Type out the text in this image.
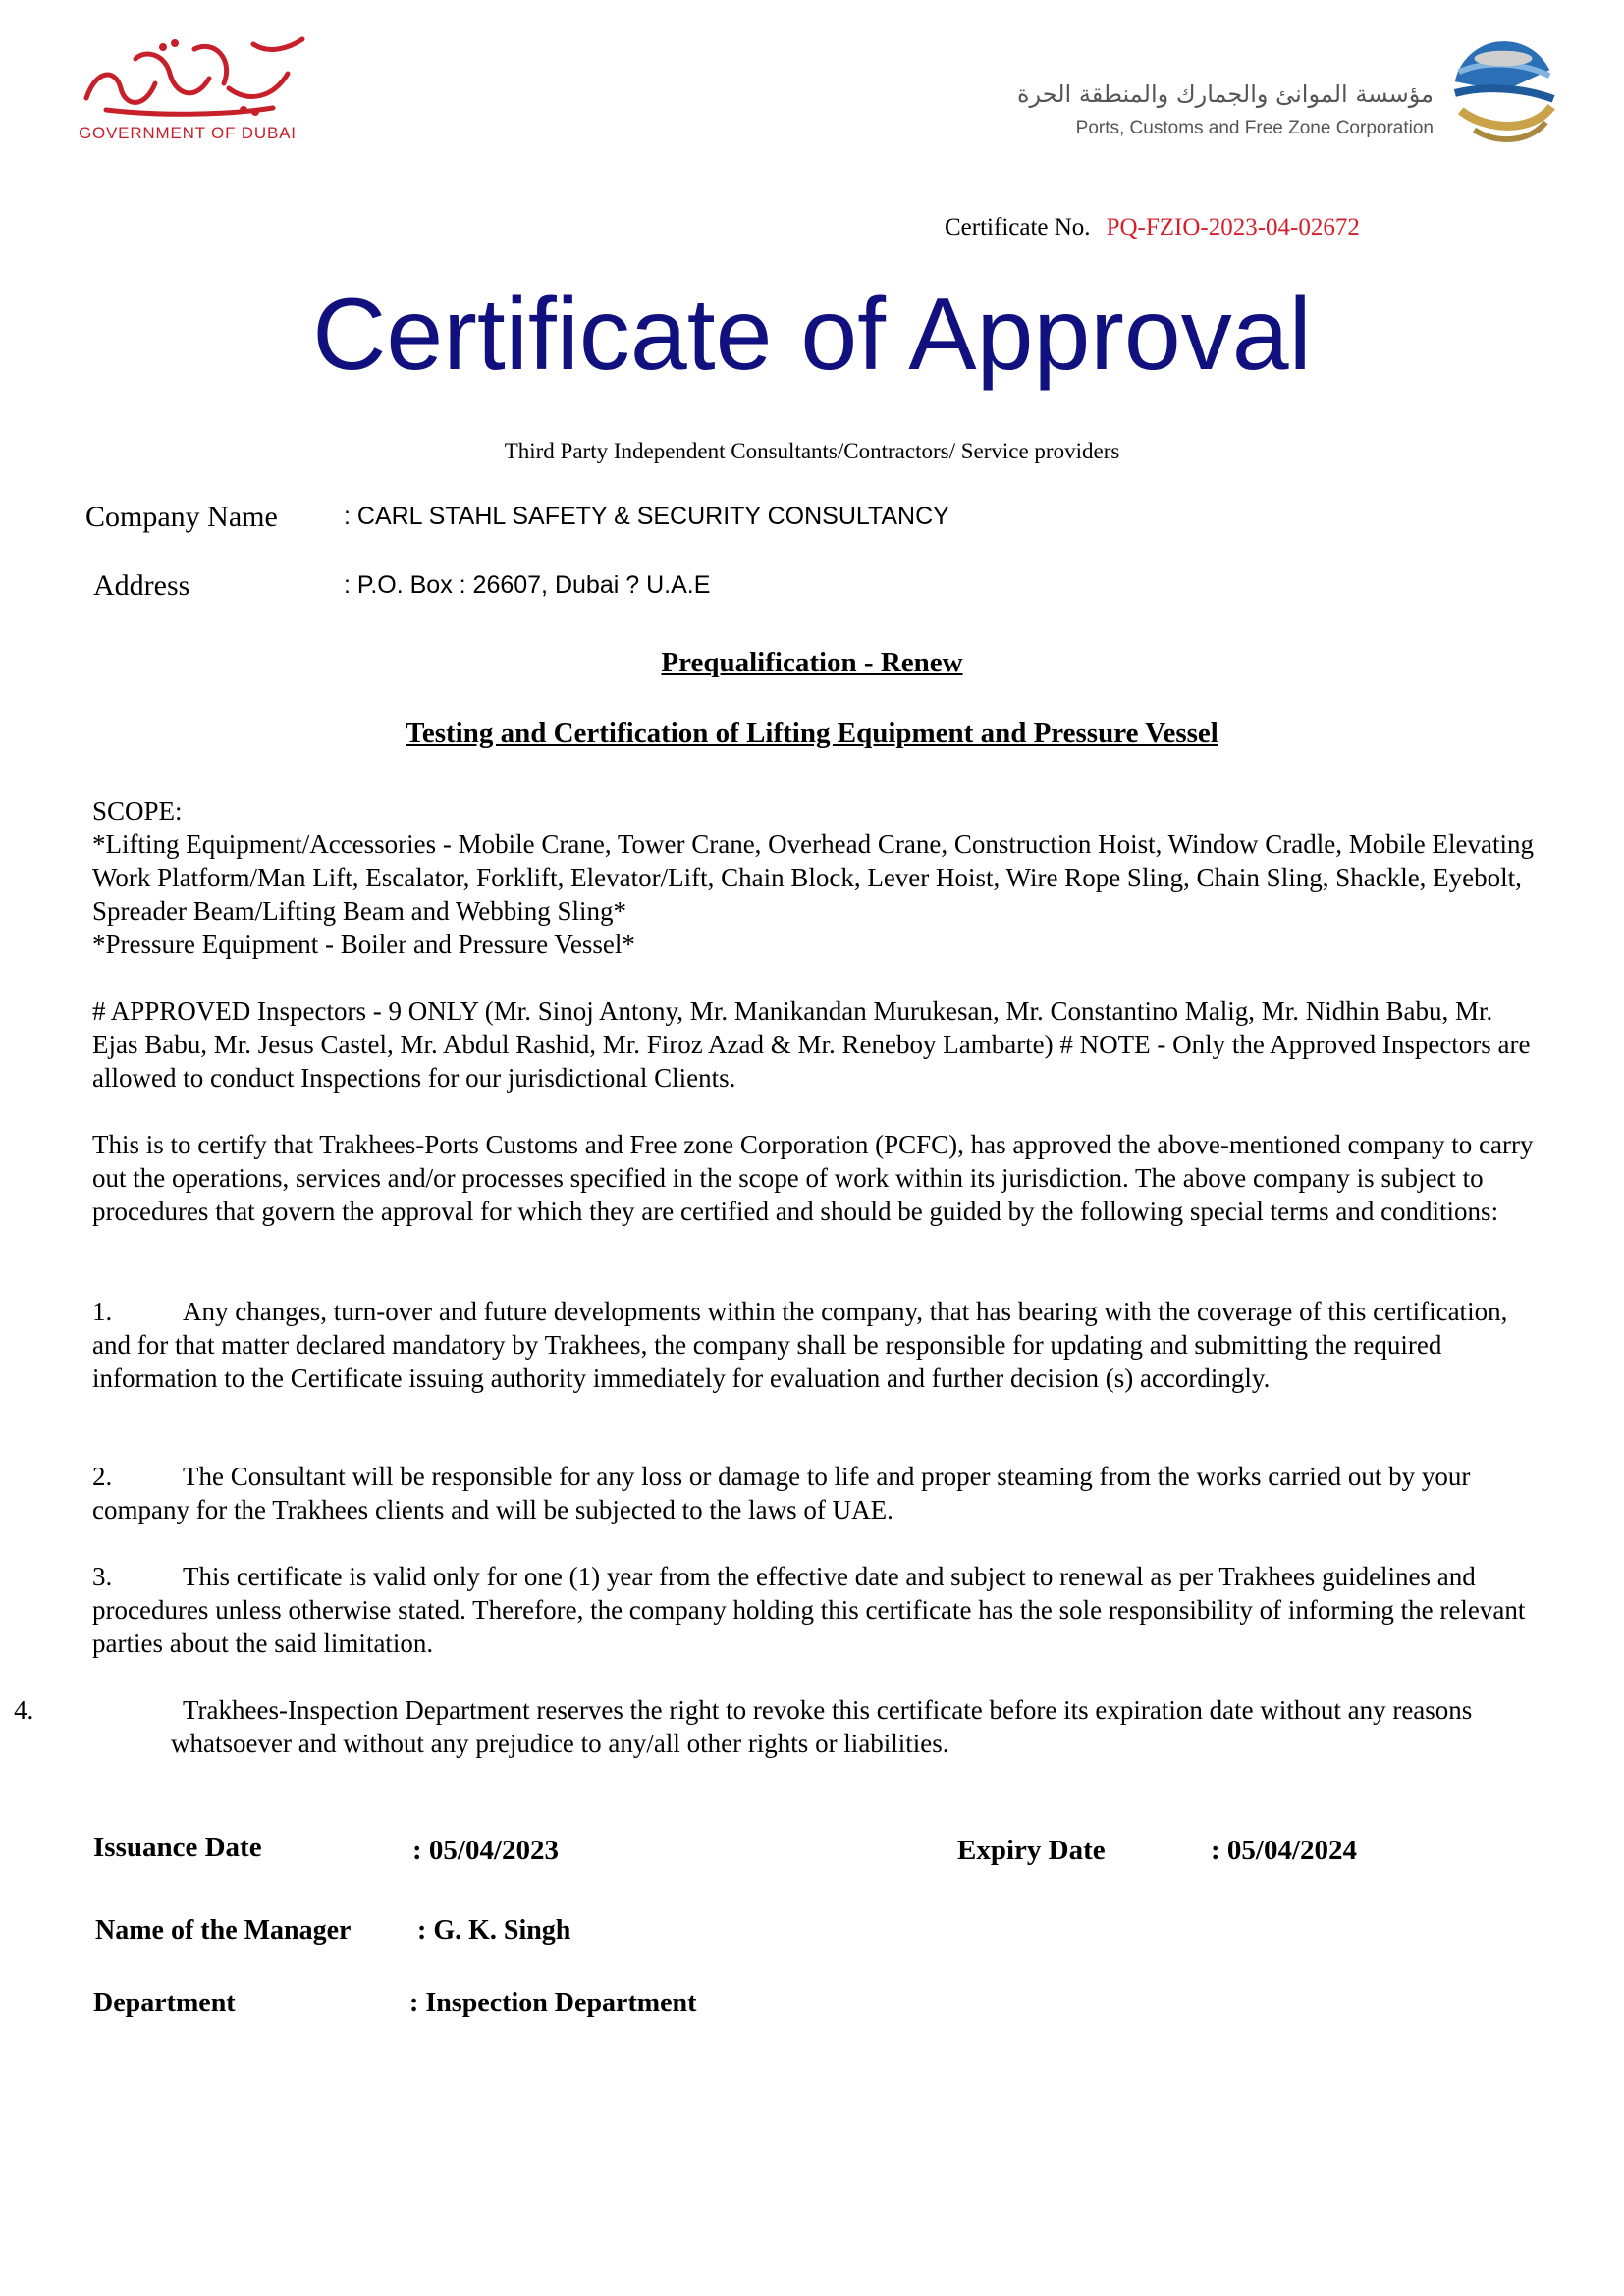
GOVERNMENT OF DUBAI
مؤسسة الموانئ والجمارك والمنطقة الحرة
Ports, Customs and Free Zone Corporation
Certificate No. PQ-FZIO-2023-04-02672
Certificate of Approval
Third Party Independent Consultants/Contractors/ Service providers
Company Name	: CARL STAHL SAFETY & SECURITY CONSULTANCY
Address	: P.O. Box : 26607, Dubai ? U.A.E
Prequalification - Renew
Testing and Certification of Lifting Equipment and Pressure Vessel

SCOPE:

*Lifting Equipment/Accessories - Mobile Crane, Tower Crane, Overhead Crane, Construction Hoist, Window Cradle, Mobile Elevating Work Platform/Man Lift, Escalator, Forklift, Elevator/Lift, Chain Block, Lever Hoist, Wire Rope Sling, Chain Sling, Shackle, Eyebolt, Spreader Beam/Lifting Beam and Webbing Sling*

*Pressure Equipment - Boiler and Pressure Vessel*

# APPROVED Inspectors - 9 ONLY (Mr. Sinoj Antony, Mr. Manikandan Murukesan, Mr. Constantino Malig, Mr. Nidhin Babu, Mr. Ejas Babu, Mr. Jesus Castel, Mr. Abdul Rashid, Mr. Firoz Azad & Mr. Reneboy Lambarte) # NOTE - Only the Approved Inspectors are allowed to conduct Inspections for our jurisdictional Clients.
This is to certify that Trakhees-Ports Customs and Free zone Corporation (PCFC), has approved the above-mentioned company to carry out the operations, services and/or processes specified in the scope of work within its jurisdiction. The above company is subject to procedures that govern the approval for which they are certified and should be guided by the following special terms and conditions:

1.	Any changes, turn-over and future developments within the company, that has bearing with the coverage of this certification, and for that matter declared mandatory by Trakhees, the company shall be responsible for updating and submitting the required information to the Certificate issuing authority immediately for evaluation and further decision (s) accordingly.

2.	The Consultant will be responsible for any loss or damage to life and proper steaming from the works carried out by your company for the Trakhees clients and will be subjected to the laws of UAE.

3.	This certificate is valid only for one (1) year from the effective date and subject to renewal as per Trakhees guidelines and procedures unless otherwise stated. Therefore, the company holding this certificate has the sole responsibility of informing the relevant parties about the said limitation.

4.	Trakhees-Inspection Department reserves the right to revoke this certificate before its expiration date without any reasons whatsoever and without any prejudice to any/all other rights or liabilities.

Issuance Date	: 05/04/2023	Expiry Date	: 05/04/2024
Name of the Manager : G. K. Singh
Department	: Inspection Department
